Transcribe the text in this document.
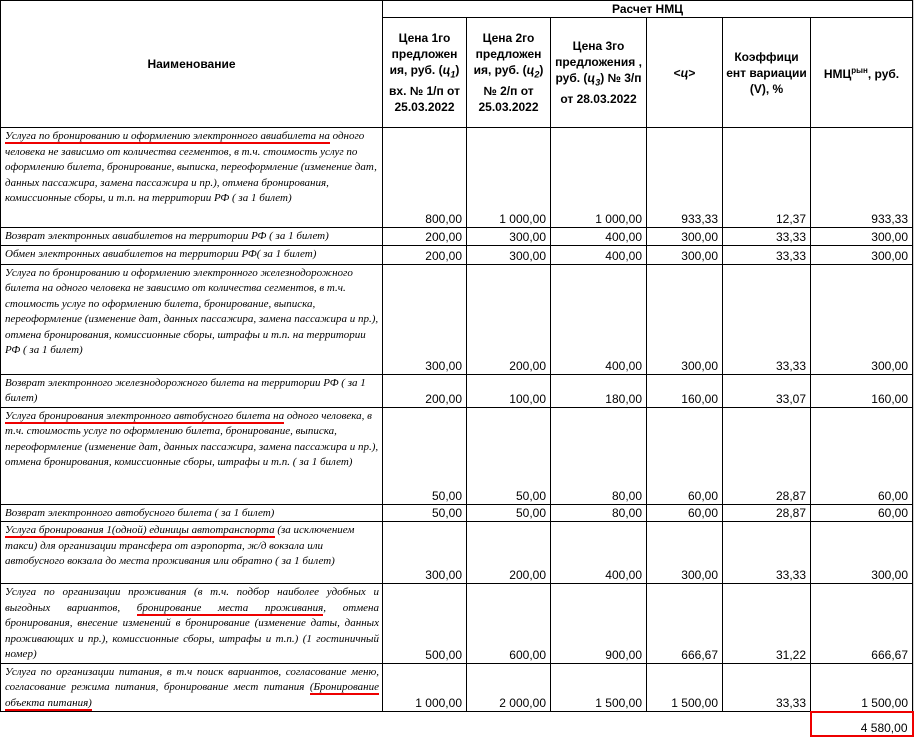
Наименование	Расчет НМЦ					
	Цена 1го предложен ия, руб. $(ц_1)$ вх. № 1/п от 25.03.2022	Цена 2го предложен ия, руб. $(ц_2)$ № 2/п от 25.03.2022	Цена 3го предложения , руб. $(ц_3)$ № 3/п от 28.03.2022	<ц>	Коэффици ент вариации (V), %	$НМЦ^{рын}$, руб.
Услуга по бронированию и оформлению электронного авиабилета на одного человека не зависимо от количества сегментов, в т.ч. стоимость услуг по оформлению билета, бронирование, выписка, переоформление (изменение дат, данных пассажира, замена пассажира и пр.), отмена бронирования, комиссионные сборы, и т.п. на территории РФ ( за 1 билет)	800,00	1 000,00	1 000,00	933,33	12,37	933,33
Возврат электронных авиабилетов на территории РФ ( за 1 билет)	200,00	300,00	400,00	300,00	33,33	300,00
Обмен электронных авиабилетов на территории РФ( за 1 билет)	200,00	300,00	400,00	300,00	33,33	300,00
Услуга по бронированию и оформлению электронного железнодорожного билета на одного человека не зависимо от количества сегментов, в т.ч. стоимость услуг по оформлению билета, бронирование, выписка, переоформление (изменение дат, данных пассажира, замена пассажира и пр.), отмена бронирования, комиссионные сборы, штрафы и т.п. на территории РФ ( за 1 билет)	300,00	200,00	400,00	300,00	33,33	300,00
Возврат электронного железнодорожного билета на территории РФ ( за 1 билет)	200,00	100,00	180,00	160,00	33,07	160,00
Услуга бронирования электронного автобусного билета на одного человека, в т.ч. стоимость услуг по оформлению билета, бронирование, выписка, переоформление (изменение дат, данных пассажира, замена пассажира и пр.), отмена бронирования, комиссионные сборы, штрафы и т.п. ( за 1 билет)	50,00	50,00	80,00	60,00	28,87	60,00
Возврат электронного автобусного билета ( за 1 билет)	50,00	50,00	80,00	60,00	28,87	60,00
Услуга бронирования 1(одной) единицы автотранспорта (за исключением такси) для организации трансфера от аэропорта, ж/д вокзала или автобусного вокзала до места проживания или обратно ( за 1 билет)	300,00	200,00	400,00	300,00	33,33	300,00
Услуга по организации проживания (в т.ч. подбор наиболее удобных и выгодных вариантов, бронирование места проживания, отмена бронирования, внесение изменений в бронирование (изменение даты, данных проживающих и пр.), комиссионные сборы, штрафы и т.п.) (1 гостиничный номер)	500,00	600,00	900,00	666,67	31,22	666,67
Услуга по организации питания, в т.ч поиск вариантов, согласование меню, согласование режима питания, бронирование мест питания (Бронирование объекта питания)	1 000,00	2 000,00	1 500,00	1 500,00	33,33	1 500,00
						4 580,00
